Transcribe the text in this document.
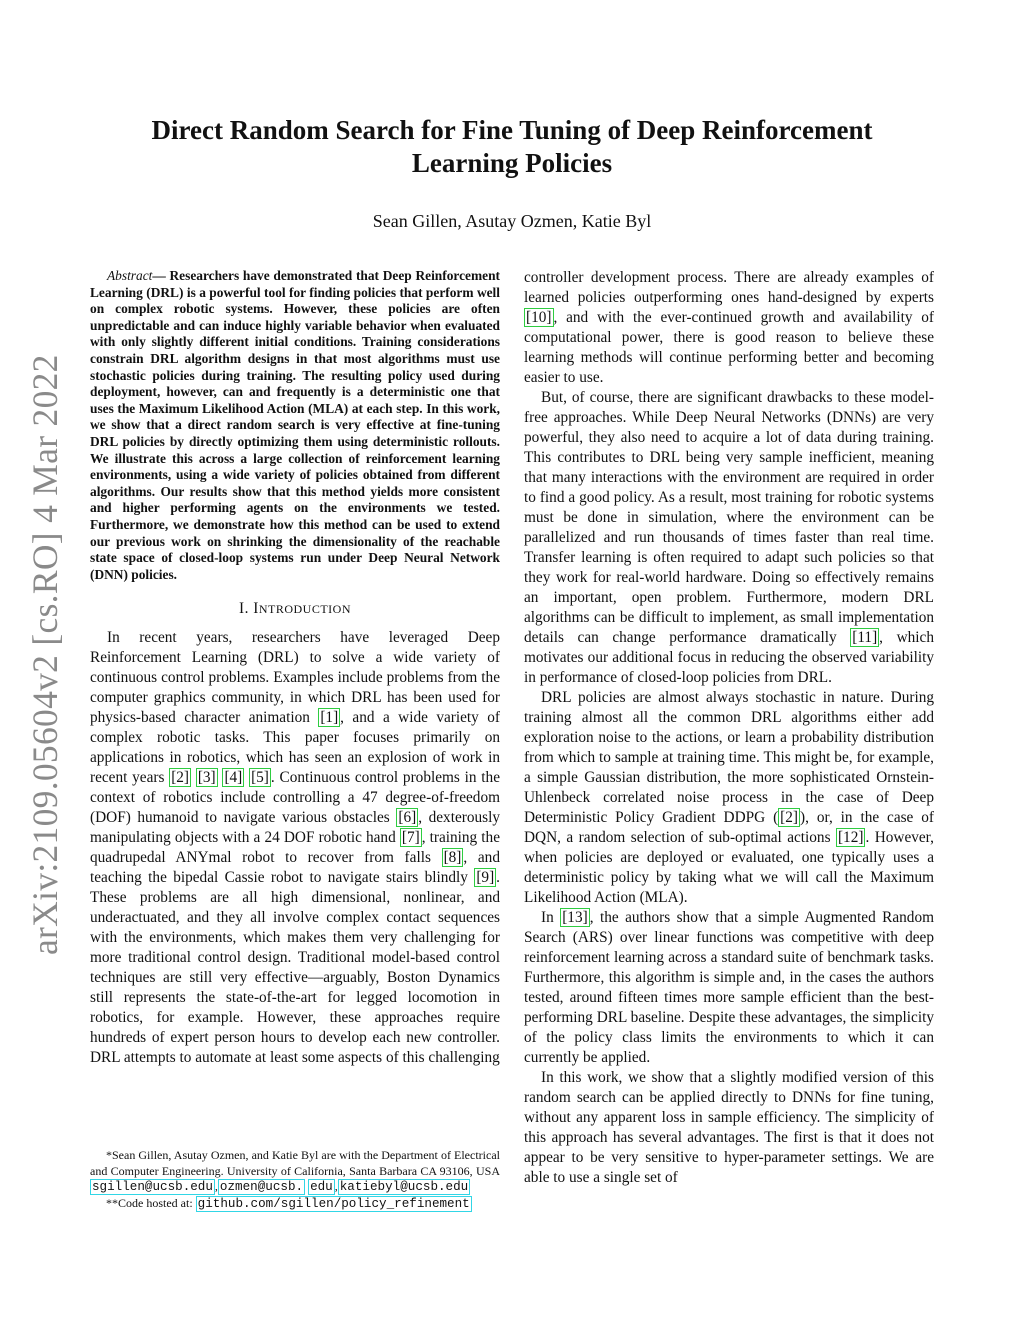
arXiv:2109.05604v2 [cs.RO] 4 Mar 2022
Direct Random Search for Fine Tuning of Deep Reinforcement
Learning Policies
Sean Gillen, Asutay Ozmen, Katie Byl

Abstract— Researchers have demonstrated that Deep Reinforcement Learning (DRL) is a powerful tool for finding policies that perform well on complex robotic systems. However, these policies are often unpredictable and can induce highly variable behavior when evaluated with only slightly different initial conditions. Training considerations constrain DRL algorithm designs in that most algorithms must use stochastic policies during training. The resulting policy used during deployment, however, can and frequently is a deterministic one that uses the Maximum Likelihood Action (MLA) at each step. In this work, we show that a direct random search is very effective at fine-tuning DRL policies by directly optimizing them using deterministic rollouts. We illustrate this across a large collection of reinforcement learning environments, using a wide variety of policies obtained from different algorithms. Our results show that this method yields more consistent and higher performing agents on the environments we tested. Furthermore, we demonstrate how this method can be used to extend our previous work on shrinking the dimensionality of the reachable state space of closed-loop systems run under Deep Neural Network (DNN) policies.

I. INTRODUCTION

In recent years, researchers have leveraged Deep Reinforcement Learning (DRL) to solve a wide variety of continuous control problems. Examples include problems from the computer graphics community, in which DRL has been used for physics-based character animation [1] , and a wide variety of complex robotic tasks. This paper focuses primarily on applications in robotics, which has seen an explosion of work in recent years [2] [3] [4] [5] . Continuous control problems in the context of robotics include controlling a 47 degree-of-freedom (DOF) humanoid to navigate various obstacles [6] , dexterously manipulating objects with a 24 DOF robotic hand [7] , training the quadrupedal ANYmal robot to recover from falls [8] , and teaching the bipedal Cassie robot to navigate stairs blindly [9] . These problems are all high dimensional, nonlinear, and underactuated, and they all involve complex contact sequences with the environments, which makes them very challenging for more traditional control design. Traditional model-based control techniques are still very effective—arguably, Boston Dynamics still represents the state-of-the-art for legged locomotion in robotics, for example. However, these approaches require hundreds of expert person hours to develop each new controller. DRL attempts to automate at least some aspects of this challenging

*Sean Gillen, Asutay Ozmen, and Katie Byl are with the Department of Electrical and Computer Engineering. University of California, Santa Barbara CA 93106, USA sgillen@ucsb.edu , ozmen@ucsb. edu , katiebyl@ucsb.edu

**Code hosted at: github.com/sgillen/policy_refinement

controller development process. There are already examples of learned policies outperforming ones hand-designed by experts [10] , and with the ever-continued growth and availability of computational power, there is good reason to believe these learning methods will continue performing better and becoming easier to use.

But, of course, there are significant drawbacks to these model-free approaches. While Deep Neural Networks (DNNs) are very powerful, they also need to acquire a lot of data during training. This contributes to DRL being very sample inefficient, meaning that many interactions with the environment are required in order to find a good policy. As a result, most training for robotic systems must be done in simulation, where the environment can be parallelized and run thousands of times faster than real time. Transfer learning is often required to adapt such policies so that they work for real-world hardware. Doing so effectively remains an important, open problem. Furthermore, modern DRL algorithms can be difficult to implement, as small implementation details can change performance dramatically [11] , which motivates our additional focus in reducing the observed variability in performance of closed-loop policies from DRL.

DRL policies are almost always stochastic in nature. During training almost all the common DRL algorithms either add exploration noise to the actions, or learn a probability distribution from which to sample at training time. This might be, for example, a simple Gaussian distribution, the more sophisticated Ornstein-Uhlenbeck correlated noise process in the case of Deep Deterministic Policy Gradient DDPG ( [2] ), or, in the case of DQN, a random selection of sub-optimal actions [12] . However, when policies are deployed or evaluated, one typically uses a deterministic policy by taking what we will call the Maximum Likelihood Action (MLA).

In [13] , the authors show that a simple Augmented Random Search (ARS) over linear functions was competitive with deep reinforcement learning across a standard suite of benchmark tasks. Furthermore, this algorithm is simple and, in the cases the authors tested, around fifteen times more sample efficient than the best-performing DRL baseline. Despite these advantages, the simplicity of the policy class limits the environments to which it can currently be applied.

In this work, we show that a slightly modified version of this random search can be applied directly to DNNs for fine tuning, without any apparent loss in sample efficiency. The simplicity of this approach has several advantages. The first is that it does not appear to be very sensitive to hyper-parameter settings. We are able to use a single set of
